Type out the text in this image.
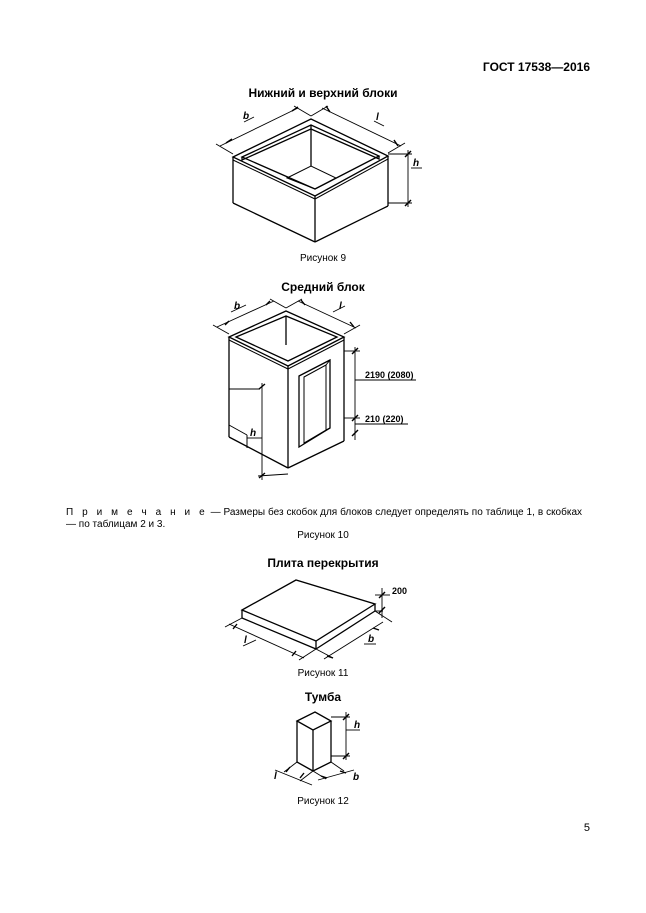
ГОСТ 17538—2016
Нижний и верхний блоки
b	l
h
Рисунок 9
Средний блок
b	l
h
2190 (2080)
210 (220)
П р и м е ч а н и е — Размеры без скобок для блоков следует определять по таблице 1, в скобках — по таблицам 2 и 3.
Рисунок 10
Плита перекрытия
200
l	b
Рисунок 11
Тумба
h
l	b
Рисунок 12
5
